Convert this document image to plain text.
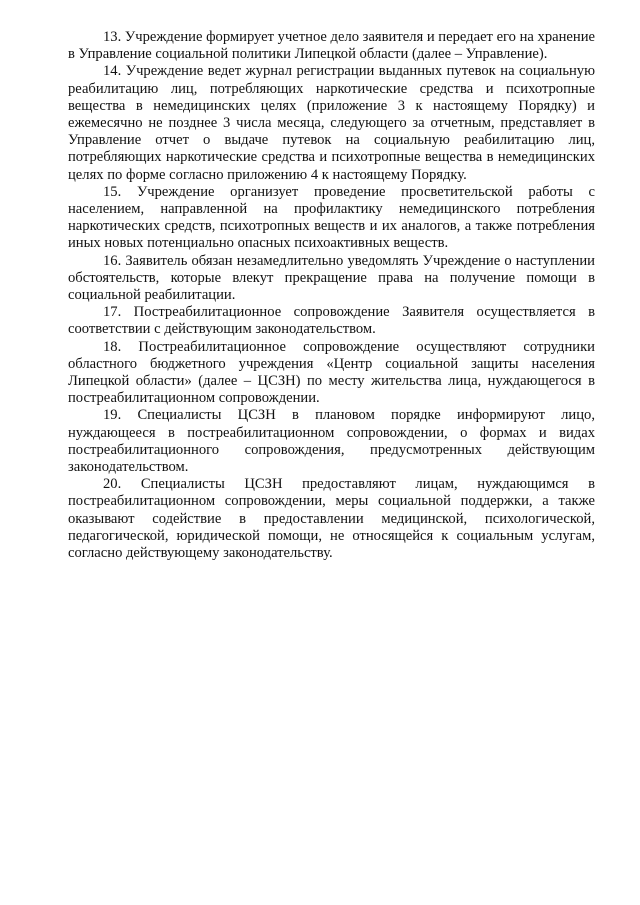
13. Учреждение формирует учетное дело заявителя и передает его на хранение в Управление социальной политики Липецкой области (далее – Управление).

14. Учреждение ведет журнал регистрации выданных путевок на социальную реабилитацию лиц, потребляющих наркотические средства и психотропные вещества в немедицинских целях (приложение 3 к настоящему Порядку) и ежемесячно не позднее 3 числа месяца, следующего за отчетным, представляет в Управление отчет о выдаче путевок на социальную реабилитацию лиц, потребляющих наркотические средства и психотропные вещества в немедицинских целях по форме согласно приложению 4 к настоящему Порядку.

15. Учреждение организует проведение просветительской работы с населением, направленной на профилактику немедицинского потребления наркотических средств, психотропных веществ и их аналогов, а также потребления иных новых потенциально опасных психоактивных веществ.

16. Заявитель обязан незамедлительно уведомлять Учреждение о наступлении обстоятельств, которые влекут прекращение права на получение помощи в социальной реабилитации.

17. Постреабилитационное сопровождение Заявителя осуществляется в соответствии с действующим законодательством.

18. Постреабилитационное сопровождение осуществляют сотрудники областного бюджетного учреждения «Центр социальной защиты населения Липецкой области» (далее – ЦСЗН) по месту жительства лица, нуждающегося в постреабилитационном сопровождении.

19. Специалисты ЦСЗН в плановом порядке информируют лицо, нуждающееся в постреабилитационном сопровождении, о формах и видах постреабилитационного сопровождения, предусмотренных действующим законодательством.

20. Специалисты ЦСЗН предоставляют лицам, нуждающимся в постреабилитационном сопровождении, меры социальной поддержки, а также оказывают содействие в предоставлении медицинской, психологической, педагогической, юридической помощи, не относящейся к социальным услугам, согласно действующему законодательству.
